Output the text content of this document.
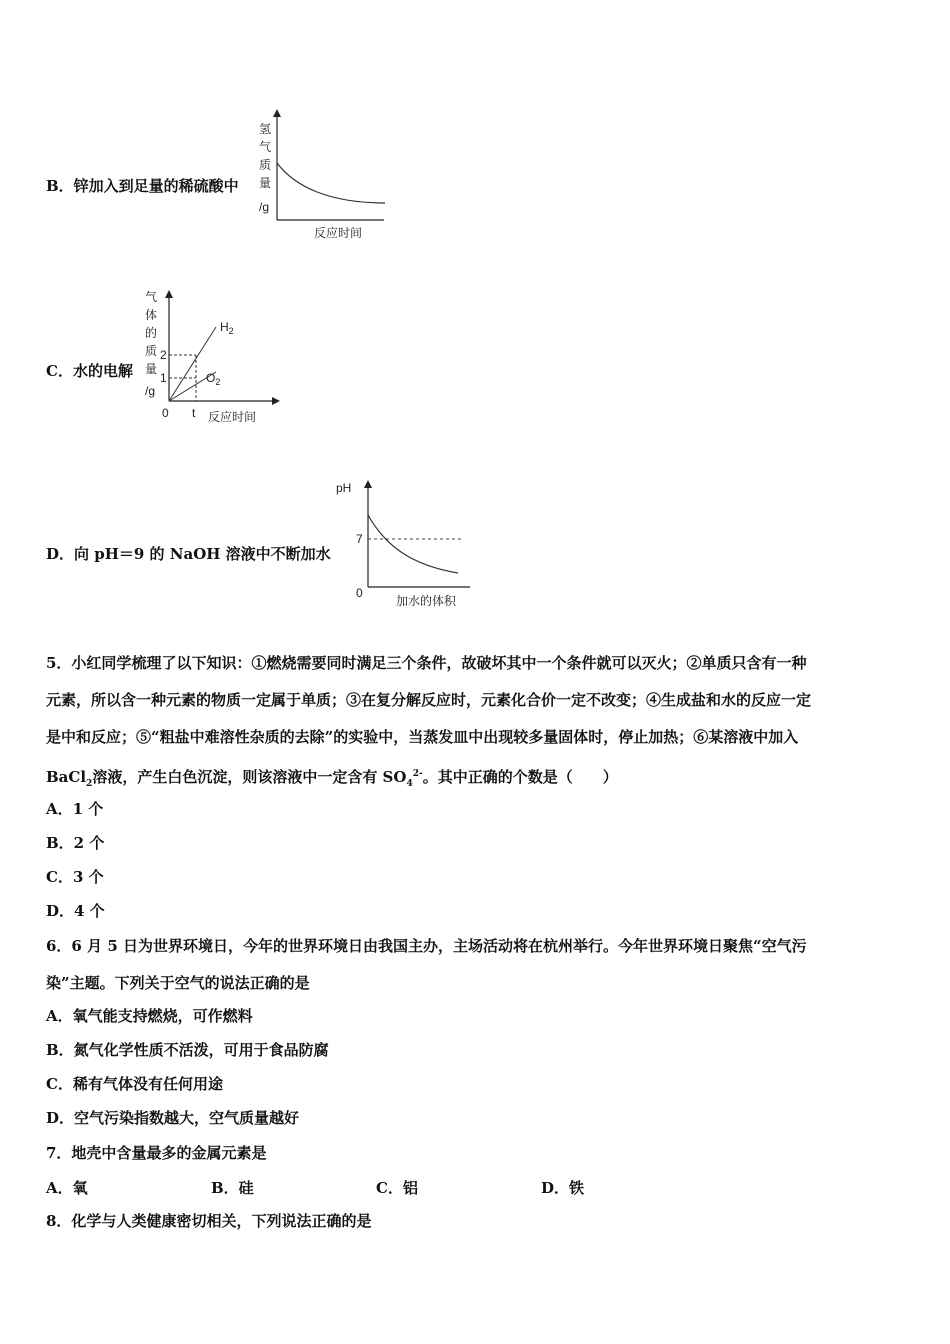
B．锌加入到足量的稀硫酸中
氢
气
质
量
/g
反应时间
C．水的电解
气
体
的
质
量
/g
2
1
0 t
$H_2$
$O_2$
反应时间
D．向 pH＝9 的 NaOH 溶液中不断加水
pH
7
0
加水的体积
5．小红同学梳理了以下知识：①燃烧需要同时满足三个条件，故破坏其中一个条件就可以灭火；②单质只含有一种
元素，所以含一种元素的物质一定属于单质；③在复分解反应时，元素化合价一定不改变；④生成盐和水的反应一定
是中和反应；⑤“粗盐中难溶性杂质的去除”的实验中，当蒸发皿中出现较多量固体时，停止加热；⑥某溶液中加入
BaCl$_2$溶液，产生白色沉淀，则该溶液中一定含有 $SO_4^{2-}$。其中正确的个数是（　　）
A．1 个
B．2 个
C．3 个
D．4 个
6．6 月 5 日为世界环境日，今年的世界环境日由我国主办，主场活动将在杭州举行。今年世界环境日聚焦“空气污
染”主题。下列关于空气的说法正确的是
A．氧气能支持燃烧，可作燃料
B．氮气化学性质不活泼，可用于食品防腐
C．稀有气体没有任何用途
D．空气污染指数越大，空气质量越好
7．地壳中含量最多的金属元素是
A．氧	B．硅	C．铝	D．铁
8．化学与人类健康密切相关，下列说法正确的是
